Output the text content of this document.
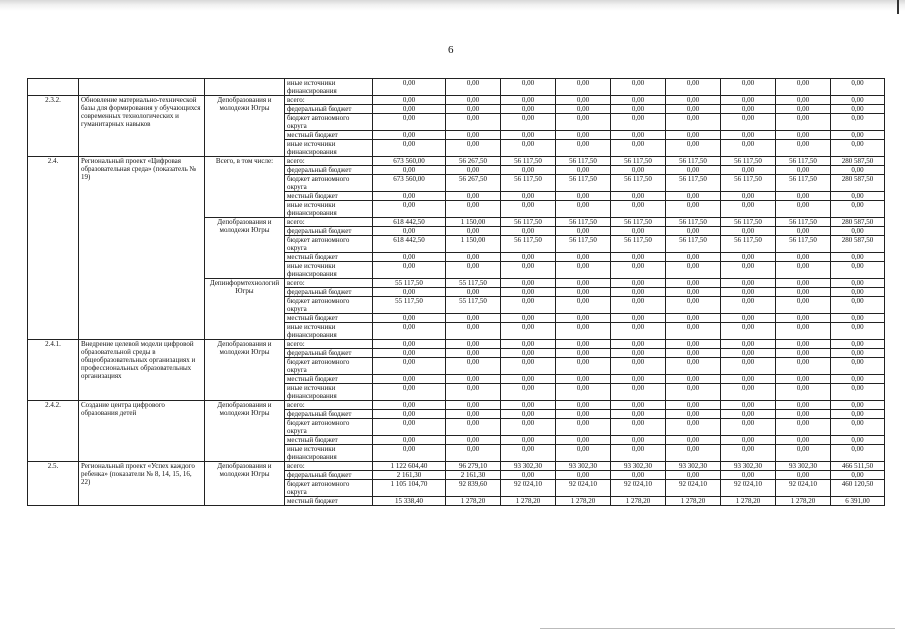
6
			иные источники финансирования	0,00	0,00	0,00	0,00	0,00	0,00	0,00	0,00	0,00
2.3.2.	Обновление материально-технической базы для формирования у обучающихся современных технологических и гуманитарных навыков	Депобразования и молодежи Югры	всего:	0,00	0,00	0,00	0,00	0,00	0,00	0,00	0,00	0,00
			федеральный бюджет	0,00	0,00	0,00	0,00	0,00	0,00	0,00	0,00	0,00
			бюджет автономного округа	0,00	0,00	0,00	0,00	0,00	0,00	0,00	0,00	0,00
			местный бюджет	0,00	0,00	0,00	0,00	0,00	0,00	0,00	0,00	0,00
			иные источники финансирования	0,00	0,00	0,00	0,00	0,00	0,00	0,00	0,00	0,00
2.4.	Региональный проект «Цифровая образовательная среда» (показатель № 19)	Всего, в том числе:	всего:	673 560,00	56 267,50	56 117,50	56 117,50	56 117,50	56 117,50	56 117,50	56 117,50	280 587,50
			федеральный бюджет	0,00	0,00	0,00	0,00	0,00	0,00	0,00	0,00	0,00
			бюджет автономного округа	673 560,00	56 267,50	56 117,50	56 117,50	56 117,50	56 117,50	56 117,50	56 117,50	280 587,50
			местный бюджет	0,00	0,00	0,00	0,00	0,00	0,00	0,00	0,00	0,00
			иные источники финансирования	0,00	0,00	0,00	0,00	0,00	0,00	0,00	0,00	0,00
		Депобразования и молодежи Югры	всего:	618 442,50	1 150,00	56 117,50	56 117,50	56 117,50	56 117,50	56 117,50	56 117,50	280 587,50
			федеральный бюджет	0,00	0,00	0,00	0,00	0,00	0,00	0,00	0,00	0,00
			бюджет автономного округа	618 442,50	1 150,00	56 117,50	56 117,50	56 117,50	56 117,50	56 117,50	56 117,50	280 587,50
			местный бюджет	0,00	0,00	0,00	0,00	0,00	0,00	0,00	0,00	0,00
			иные источники финансирования	0,00	0,00	0,00	0,00	0,00	0,00	0,00	0,00	0,00
		Депинформтехнологий Югры	всего:	55 117,50	55 117,50	0,00	0,00	0,00	0,00	0,00	0,00	0,00
			федеральный бюджет	0,00	0,00	0,00	0,00	0,00	0,00	0,00	0,00	0,00
			бюджет автономного округа	55 117,50	55 117,50	0,00	0,00	0,00	0,00	0,00	0,00	0,00
			местный бюджет	0,00	0,00	0,00	0,00	0,00	0,00	0,00	0,00	0,00
			иные источники финансирования	0,00	0,00	0,00	0,00	0,00	0,00	0,00	0,00	0,00
2.4.1.	Внедрение целевой модели цифровой образовательной среды в общеобразовательных организациях и профессиональных образовательных организациях	Депобразования и молодежи Югры	всего:	0,00	0,00	0,00	0,00	0,00	0,00	0,00	0,00	0,00
			федеральный бюджет	0,00	0,00	0,00	0,00	0,00	0,00	0,00	0,00	0,00
			бюджет автономного округа	0,00	0,00	0,00	0,00	0,00	0,00	0,00	0,00	0,00
			местный бюджет	0,00	0,00	0,00	0,00	0,00	0,00	0,00	0,00	0,00
			иные источники финансирования	0,00	0,00	0,00	0,00	0,00	0,00	0,00	0,00	0,00
2.4.2.	Создание центра цифрового образования детей	Депобразования и молодежи Югры	всего:	0,00	0,00	0,00	0,00	0,00	0,00	0,00	0,00	0,00
			федеральный бюджет	0,00	0,00	0,00	0,00	0,00	0,00	0,00	0,00	0,00
			бюджет автономного округа	0,00	0,00	0,00	0,00	0,00	0,00	0,00	0,00	0,00
			местный бюджет	0,00	0,00	0,00	0,00	0,00	0,00	0,00	0,00	0,00
			иные источники финансирования	0,00	0,00	0,00	0,00	0,00	0,00	0,00	0,00	0,00
2.5.	Региональный проект «Успех каждого ребенка» (показатели № 8, 14, 15, 16, 22)	Депобразования и молодежи Югры	всего:	1 122 604,40	96 279,10	93 302,30	93 302,30	93 302,30	93 302,30	93 302,30	93 302,30	466 511,50
			федеральный бюджет	2 161,30	2 161,30	0,00	0,00	0,00	0,00	0,00	0,00	0,00
			бюджет автономного округа	1 105 104,70	92 839,60	92 024,10	92 024,10	92 024,10	92 024,10	92 024,10	92 024,10	460 120,50
			местный бюджет	15 338,40	1 278,20	1 278,20	1 278,20	1 278,20	1 278,20	1 278,20	1 278,20	6 391,00
